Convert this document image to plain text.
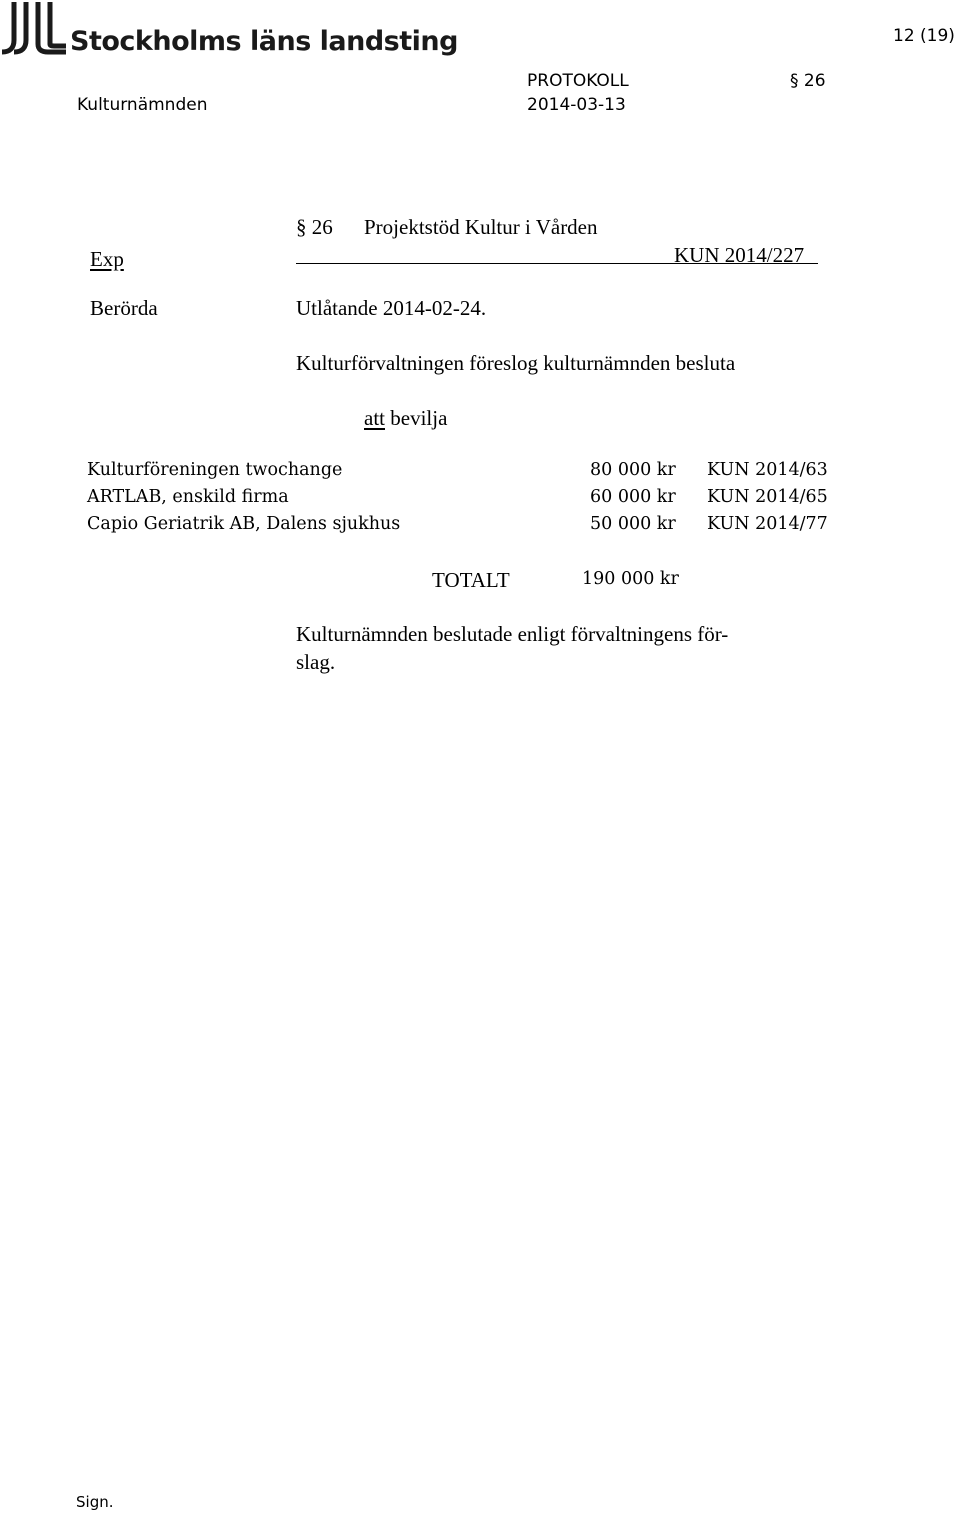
Stockholms läns landsting	12 (19)
PROTOKOLL	§ 26
Kulturnämnden	2014-03-13
§ 26 Projektstöd Kultur i Vården
Exp	KUN 2014/227
Berörda	Utlåtande 2014-02-24.
Kulturförvaltningen föreslog kulturnämnden besluta
att bevilja
Kulturföreningen twochange	80 000 kr KUN 2014/63
ARTLAB, enskild firma	60 000 kr KUN 2014/65
Capio Geriatrik AB, Dalens sjukhus	50 000 kr KUN 2014/77
TOTALT	190 000 kr
Kulturnämnden beslutade enligt förvaltningens för-
slag.
Sign.
